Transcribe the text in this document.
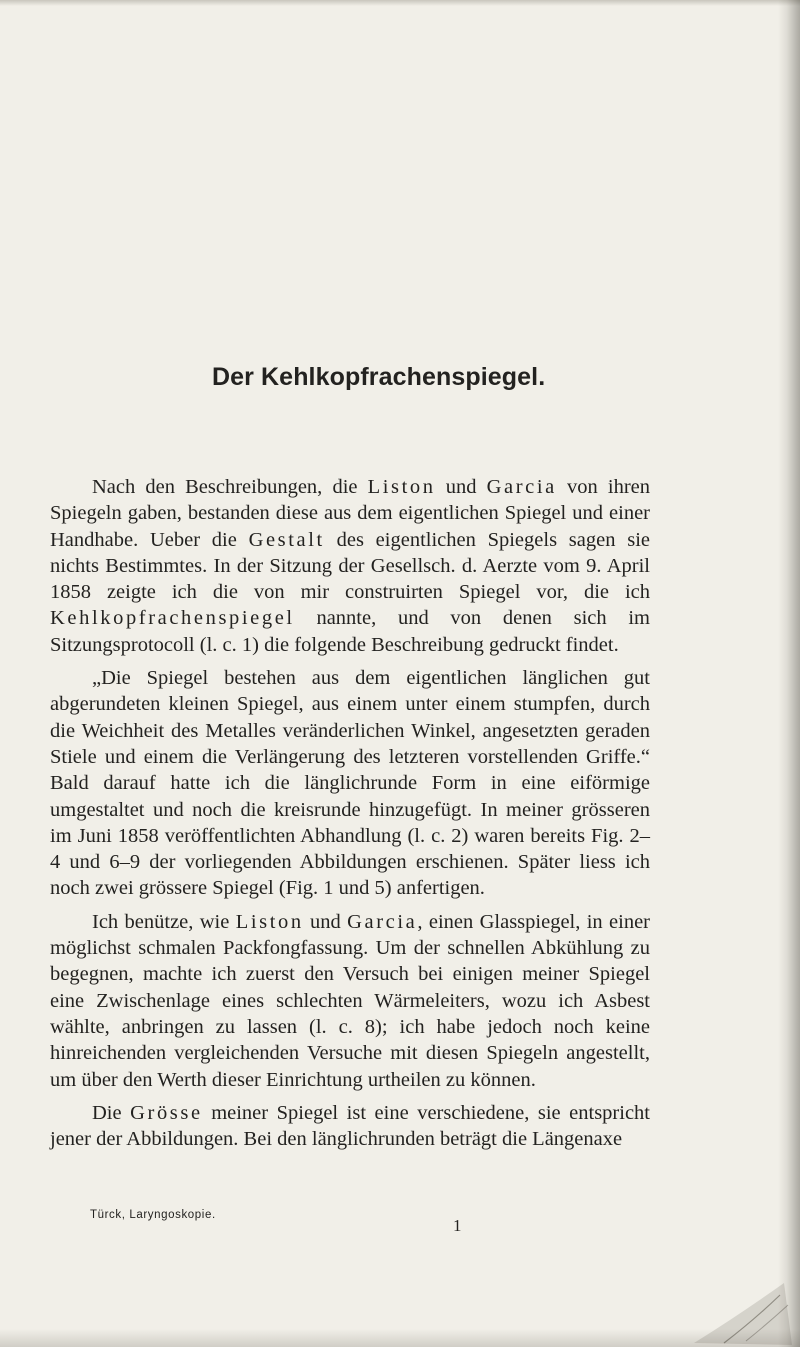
Der Kehlkopfrachenspiegel.

Nach den Beschreibungen, die Liston und Garcia von ihren Spiegeln gaben, bestanden diese aus dem eigentlichen Spiegel und einer Handhabe. Ueber die Gestalt des eigentlichen Spiegels sagen sie nichts Bestimmtes. In der Sitzung der Gesellsch. d. Aerzte vom 9. April 1858 zeigte ich die von mir construirten Spiegel vor, die ich Kehlkopfrachenspiegel nannte, und von denen sich im Sitzungsprotocoll (l. c. 1) die folgende Beschreibung gedruckt findet.

„Die Spiegel bestehen aus dem eigentlichen länglichen gut abgerundeten kleinen Spiegel, aus einem unter einem stumpfen, durch die Weichheit des Metalles veränderlichen Winkel, angesetzten geraden Stiele und einem die Verlängerung des letzteren vorstellenden Griffe.“ Bald darauf hatte ich die länglichrunde Form in eine eiförmige umgestaltet und noch die kreisrunde hinzugefügt. In meiner grösseren im Juni 1858 veröffentlichten Abhandlung (l. c. 2) waren bereits Fig. 2–4 und 6–9 der vorliegenden Abbildungen erschienen. Später liess ich noch zwei grössere Spiegel (Fig. 1 und 5) anfertigen.

Ich benütze, wie Liston und Garcia, einen Glasspiegel, in einer möglichst schmalen Packfongfassung. Um der schnellen Abkühlung zu begegnen, machte ich zuerst den Versuch bei einigen meiner Spiegel eine Zwischenlage eines schlechten Wärmeleiters, wozu ich Asbest wählte, anbringen zu lassen (l. c. 8); ich habe jedoch noch keine hinreichenden vergleichenden Versuche mit diesen Spiegeln angestellt, um über den Werth dieser Einrichtung urtheilen zu können.

Die Grösse meiner Spiegel ist eine verschiedene, sie entspricht jener der Abbildungen. Bei den länglichrunden beträgt die Längenaxe

Türck, Laryngoskopie.
1
